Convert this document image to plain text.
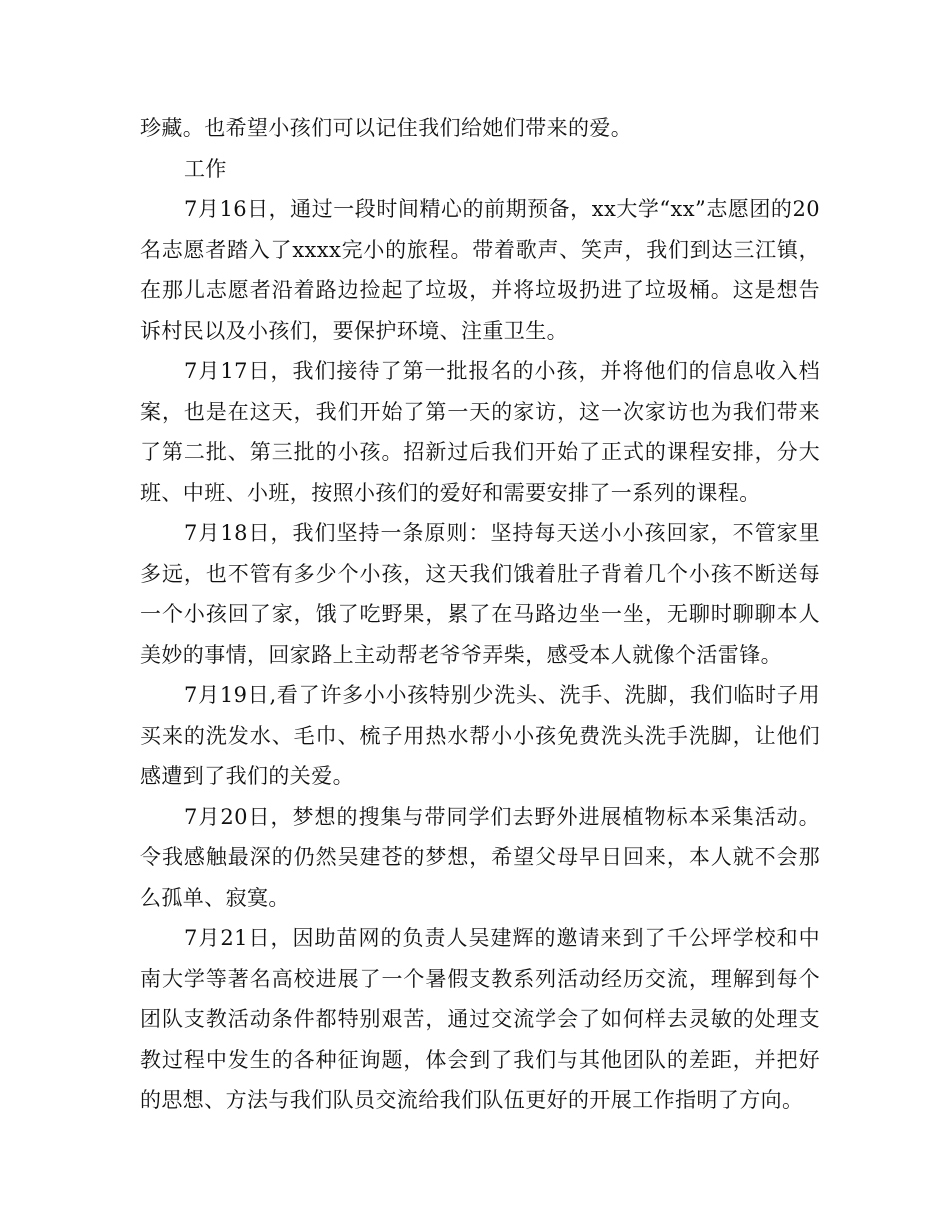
珍藏。也希望小孩们可以记住我们给她们带来的爱。

工作

7月16日，通过一段时间精心的前期预备，xx大学“xx”志愿团的20名志愿者踏入了xxxx完小的旅程。带着歌声、笑声，我们到达三江镇，在那儿志愿者沿着路边捡起了垃圾，并将垃圾扔进了垃圾桶。这是想告诉村民以及小孩们，要保护环境、注重卫生。

7月17日，我们接待了第一批报名的小孩，并将他们的信息收入档案，也是在这天，我们开始了第一天的家访，这一次家访也为我们带来了第二批、第三批的小孩。招新过后我们开始了正式的课程安排，分大班、中班、小班，按照小孩们的爱好和需要安排了一系列的课程。

7月18日，我们坚持一条原则：坚持每天送小小孩回家，不管家里多远，也不管有多少个小孩，这天我们饿着肚子背着几个小孩不断送每一个小孩回了家，饿了吃野果，累了在马路边坐一坐，无聊时聊聊本人美妙的事情，回家路上主动帮老爷爷弄柴，感受本人就像个活雷锋。

7月19日,看了许多小小孩特别少洗头、洗手、洗脚，我们临时子用买来的洗发水、毛巾、梳子用热水帮小小孩免费洗头洗手洗脚，让他们感遭到了我们的关爱。

7月20日，梦想的搜集与带同学们去野外进展植物标本采集活动。令我感触最深的仍然吴建苍的梦想，希望父母早日回来，本人就不会那么孤单、寂寞。

7月21日，因助苗网的负责人吴建辉的邀请来到了千公坪学校和中南大学等著名高校进展了一个暑假支教系列活动经历交流，理解到每个团队支教活动条件都特别艰苦，通过交流学会了如何样去灵敏的处理支教过程中发生的各种征询题，体会到了我们与其他团队的差距，并把好的思想、方法与我们队员交流给我们队伍更好的开展工作指明了方向。
